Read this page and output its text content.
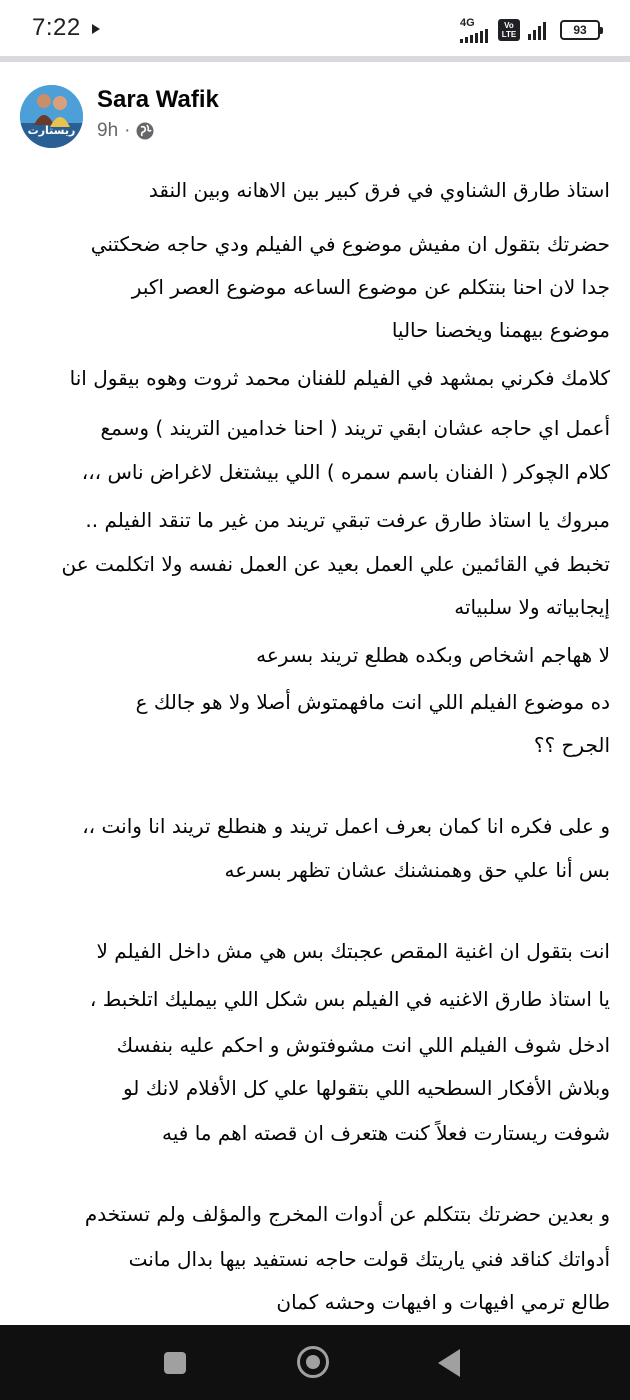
7:22	4G	Vo LTE	93
ريستارت
Sara Wafik
9h ·
استاذ طارق الشناوي في فرق كبير بين الاهانه وبين النقد
حضرتك بتقول ان مفيش موضوع في الفيلم ودي حاجه ضحكتني
جدا لان احنا بنتكلم عن موضوع الساعه موضوع العصر اكبر
موضوع بيهمنا ويخصنا حاليا
كلامك فكرني بمشهد في الفيلم للفنان محمد ثروت وهوه بيقول انا
أعمل اي حاجه عشان ابقي تريند ( احنا خدامين التريند ) وسمع
كلام الچوكر ( الفنان باسم سمره ) اللي بيشتغل لاغراض ناس ،،،
مبروك يا استاذ طارق عرفت تبقي تريند من غير ما تنقد الفيلم ..
تخبط في القائمين علي العمل بعيد عن العمل نفسه ولا اتكلمت عن
إيجابياته ولا سلبياته
لا ههاجم اشخاص وبكده هطلع تريند بسرعه
ده موضوع الفيلم اللي انت مافهمتوش أصلا ولا هو جالك ع
الجرح ؟؟
و على فكره انا كمان بعرف اعمل تريند و هنطلع تريند انا وانت ،،
بس أنا علي حق وهمنشنك عشان تظهر بسرعه
انت بتقول ان اغنية المقص عجبتك بس هي مش داخل الفيلم لا
يا استاذ طارق الاغنيه في الفيلم بس شكل اللي بيمليك اتلخبط ،
ادخل شوف الفيلم اللي انت مشوفتوش و احكم عليه بنفسك
وبلاش الأفكار السطحيه اللي بتقولها علي كل الأفلام لانك لو
شوفت ريستارت فعلاً كنت هتعرف ان قصته اهم ما فيه
و بعدين حضرتك بتتكلم عن أدوات المخرج والمؤلف ولم تستخدم
أدواتك كناقد فني ياريتك قولت حاجه نستفيد بيها بدال مانت
طالع ترمي افيهات و افيهات وحشه كمان
